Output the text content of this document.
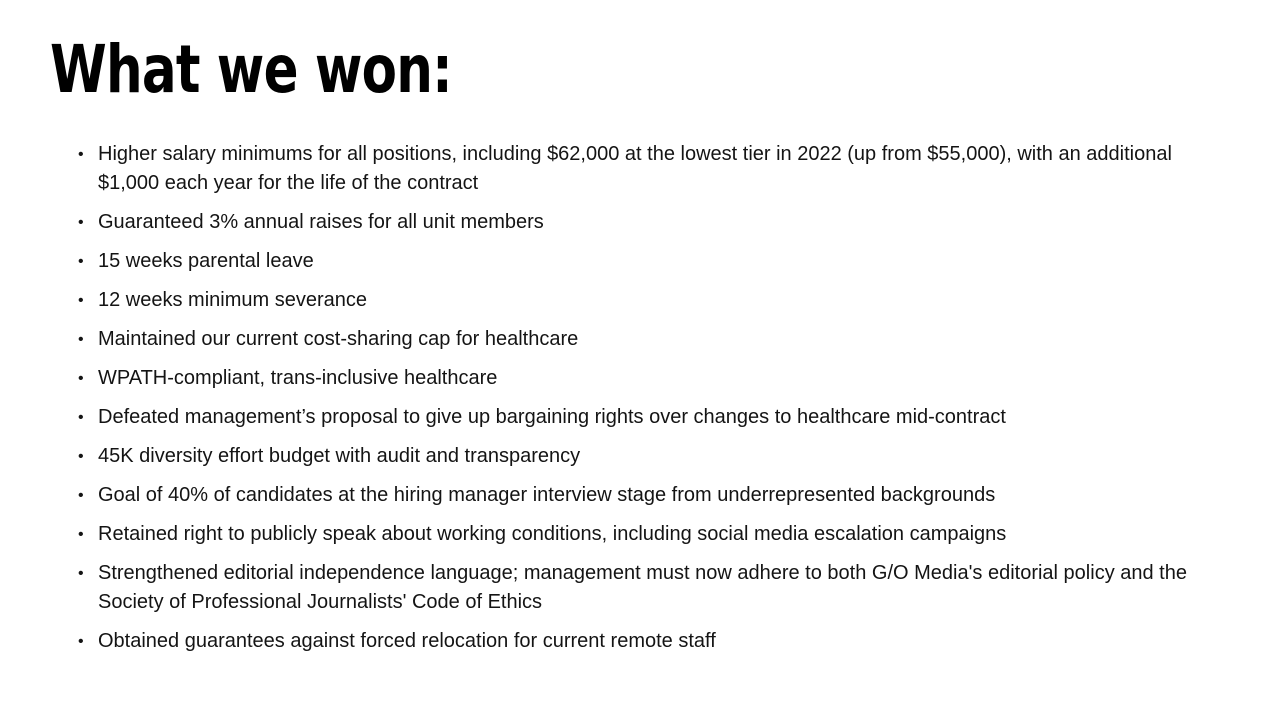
What we won:
• Higher salary minimums for all positions, including $62,000 at the lowest tier in 2022 (up from $55,000), with an additional $1,000 each year for the life of the contract
• Guaranteed 3% annual raises for all unit members
• 15 weeks parental leave
• 12 weeks minimum severance
• Maintained our current cost-sharing cap for healthcare
• WPATH-compliant, trans-inclusive healthcare
• Defeated management’s proposal to give up bargaining rights over changes to healthcare mid-contract
• 45K diversity effort budget with audit and transparency
• Goal of 40% of candidates at the hiring manager interview stage from underrepresented backgrounds
• Retained right to publicly speak about working conditions, including social media escalation campaigns
• Strengthened editorial independence language; management must now adhere to both G/O Media's editorial policy and the Society of Professional Journalists' Code of Ethics
• Obtained guarantees against forced relocation for current remote staff
